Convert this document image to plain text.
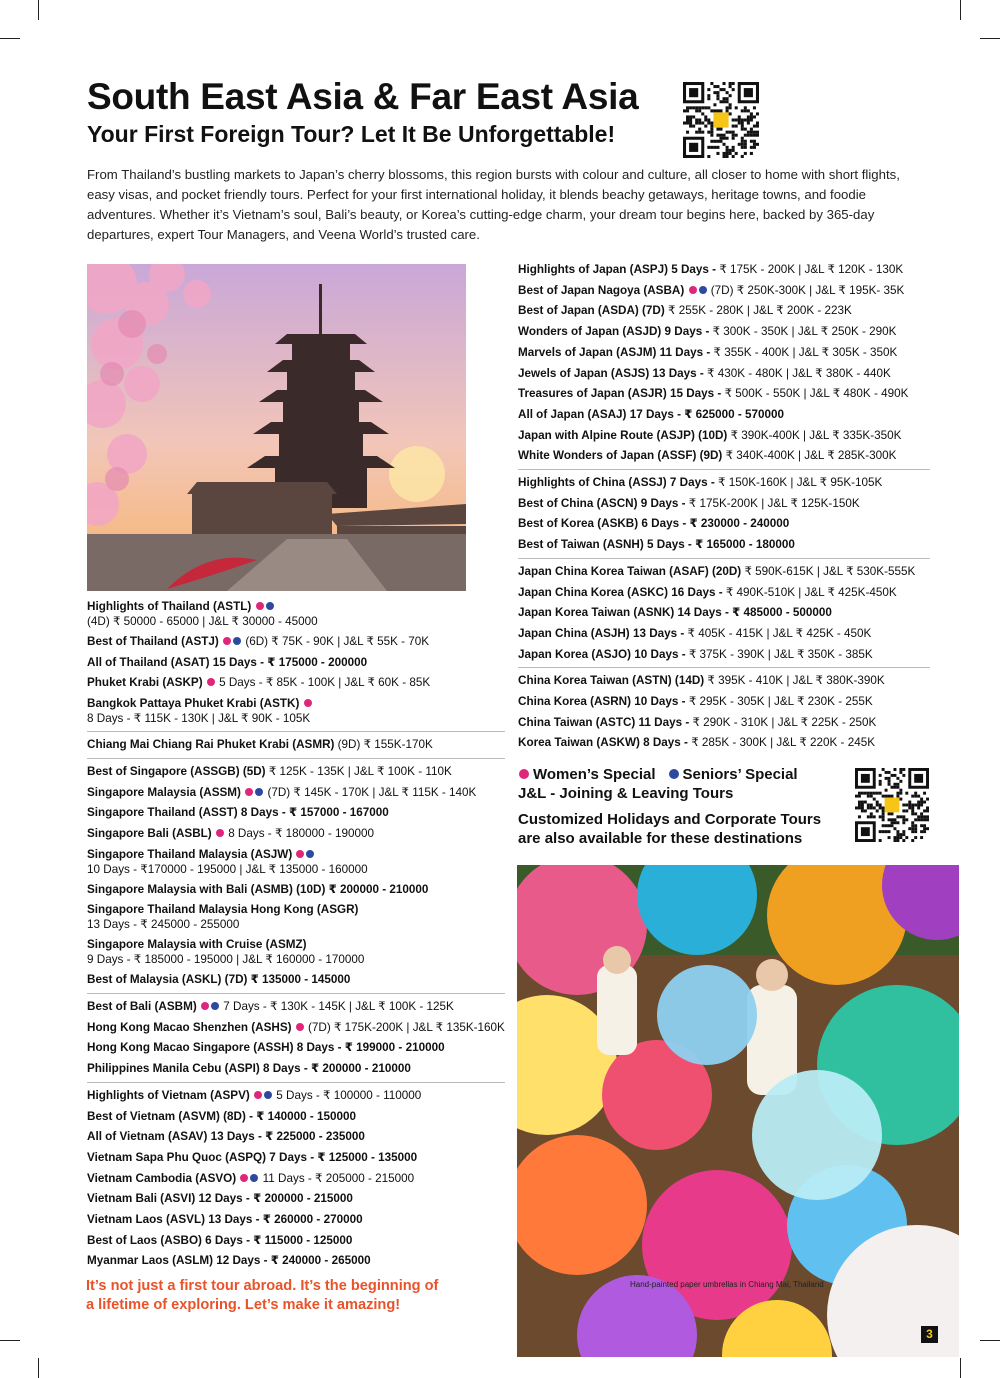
South East Asia & Far East Asia
Your First Foreign Tour? Let It Be Unforgettable!

From Thailand’s bustling markets to Japan’s cherry blossoms, this region bursts with colour and culture, all closer to home with short flights, easy visas, and pocket friendly tours. Perfect for your first international holiday, it blends beachy getaways, heritage towns, and foodie adventures. Whether it’s Vietnam’s soul, Bali’s beauty, or Korea’s cutting-edge charm, your dream tour begins here, backed by 365-day departures, expert Tour Managers, and Veena World’s trusted care.

Highlights of Thailand (ASTL)
(4D) ₹ 50000 - 65000 | J&L ₹ 30000 - 45000
Best of Thailand (ASTJ) (6D) ₹ 75K - 90K | J&L ₹ 55K - 70K
All of Thailand (ASAT) 15 Days - ₹ 175000 - 200000
Phuket Krabi (ASKP) 5 Days - ₹ 85K - 100K | J&L ₹ 60K - 85K
Bangkok Pattaya Phuket Krabi (ASTK)
8 Days - ₹ 115K - 130K | J&L ₹ 90K - 105K
Chiang Mai Chiang Rai Phuket Krabi (ASMR) (9D) ₹ 155K-170K
Best of Singapore (ASSGB) (5D) ₹ 125K - 135K | J&L ₹ 100K - 110K
Singapore Malaysia (ASSM) (7D) ₹ 145K - 170K | J&L ₹ 115K - 140K
Singapore Thailand (ASST) 8 Days - ₹ 157000 - 167000
Singapore Bali (ASBL) 8 Days - ₹ 180000 - 190000
Singapore Thailand Malaysia (ASJW)
10 Days - ₹170000 - 195000 | J&L ₹ 135000 - 160000
Singapore Malaysia with Bali (ASMB) (10D) ₹ 200000 - 210000
Singapore Thailand Malaysia Hong Kong (ASGR)
13 Days - ₹ 245000 - 255000
Singapore Malaysia with Cruise (ASMZ)
9 Days - ₹ 185000 - 195000 | J&L ₹ 160000 - 170000
Best of Malaysia (ASKL) (7D) ₹ 135000 - 145000
Best of Bali (ASBM) 7 Days - ₹ 130K - 145K | J&L ₹ 100K - 125K
Hong Kong Macao Shenzhen (ASHS) (7D) ₹ 175K-200K | J&L ₹ 135K-160K
Hong Kong Macao Singapore (ASSH) 8 Days - ₹ 199000 - 210000
Philippines Manila Cebu (ASPI) 8 Days - ₹ 200000 - 210000
Highlights of Vietnam (ASPV) 5 Days - ₹ 100000 - 110000
Best of Vietnam (ASVM) (8D) - ₹ 140000 - 150000
All of Vietnam (ASAV) 13 Days - ₹ 225000 - 235000
Vietnam Sapa Phu Quoc (ASPQ) 7 Days - ₹ 125000 - 135000
Vietnam Cambodia (ASVO) 11 Days - ₹ 205000 - 215000
Vietnam Bali (ASVI) 12 Days - ₹ 200000 - 215000
Vietnam Laos (ASVL) 13 Days - ₹ 260000 - 270000
Best of Laos (ASBO) 6 Days - ₹ 115000 - 125000
Myanmar Laos (ASLM) 12 Days - ₹ 240000 - 265000
Highlights of Japan (ASPJ) 5 Days - ₹ 175K - 200K | J&L ₹ 120K - 130K
Best of Japan Nagoya (ASBA) (7D) ₹ 250K-300K | J&L ₹ 195K- 35K
Best of Japan (ASDA) (7D) ₹ 255K - 280K | J&L ₹ 200K - 223K
Wonders of Japan (ASJD) 9 Days - ₹ 300K - 350K | J&L ₹ 250K - 290K
Marvels of Japan (ASJM) 11 Days - ₹ 355K - 400K | J&L ₹ 305K - 350K
Jewels of Japan (ASJS) 13 Days - ₹ 430K - 480K | J&L ₹ 380K - 440K
Treasures of Japan (ASJR) 15 Days - ₹ 500K - 550K | J&L ₹ 480K - 490K
All of Japan (ASAJ) 17 Days - ₹ 625000 - 570000
Japan with Alpine Route (ASJP) (10D) ₹ 390K-400K | J&L ₹ 335K-350K
White Wonders of Japan (ASSF) (9D) ₹ 340K-400K | J&L ₹ 285K-300K
Highlights of China (ASSJ) 7 Days - ₹ 150K-160K | J&L ₹ 95K-105K
Best of China (ASCN) 9 Days - ₹ 175K-200K | J&L ₹ 125K-150K
Best of Korea (ASKB) 6 Days - ₹ 230000 - 240000
Best of Taiwan (ASNH) 5 Days - ₹ 165000 - 180000
Japan China Korea Taiwan (ASAF) (20D) ₹ 590K-615K | J&L ₹ 530K-555K
Japan China Korea (ASKC) 16 Days - ₹ 490K-510K | J&L ₹ 425K-450K
Japan Korea Taiwan (ASNK) 14 Days - ₹ 485000 - 500000
Japan China (ASJH) 13 Days - ₹ 405K - 415K | J&L ₹ 425K - 450K
Japan Korea (ASJO) 10 Days - ₹ 375K - 390K | J&L ₹ 350K - 385K
China Korea Taiwan (ASTN) (14D) ₹ 395K - 410K | J&L ₹ 380K-390K
China Korea (ASRN) 10 Days - ₹ 295K - 305K | J&L ₹ 230K - 255K
China Taiwan (ASTC) 11 Days - ₹ 290K - 310K | J&L ₹ 225K - 250K
Korea Taiwan (ASKW) 8 Days - ₹ 285K - 300K | J&L ₹ 220K - 245K
Women’s Special Seniors’ Special
J&L - Joining & Leaving Tours
Customized Holidays and Corporate Tours
are also available for these destinations
It’s not just a first tour abroad. It’s the beginning of
a lifetime of exploring. Let’s make it amazing!
Hand-painted paper umbrellas in Chiang Mai, Thailand
3
